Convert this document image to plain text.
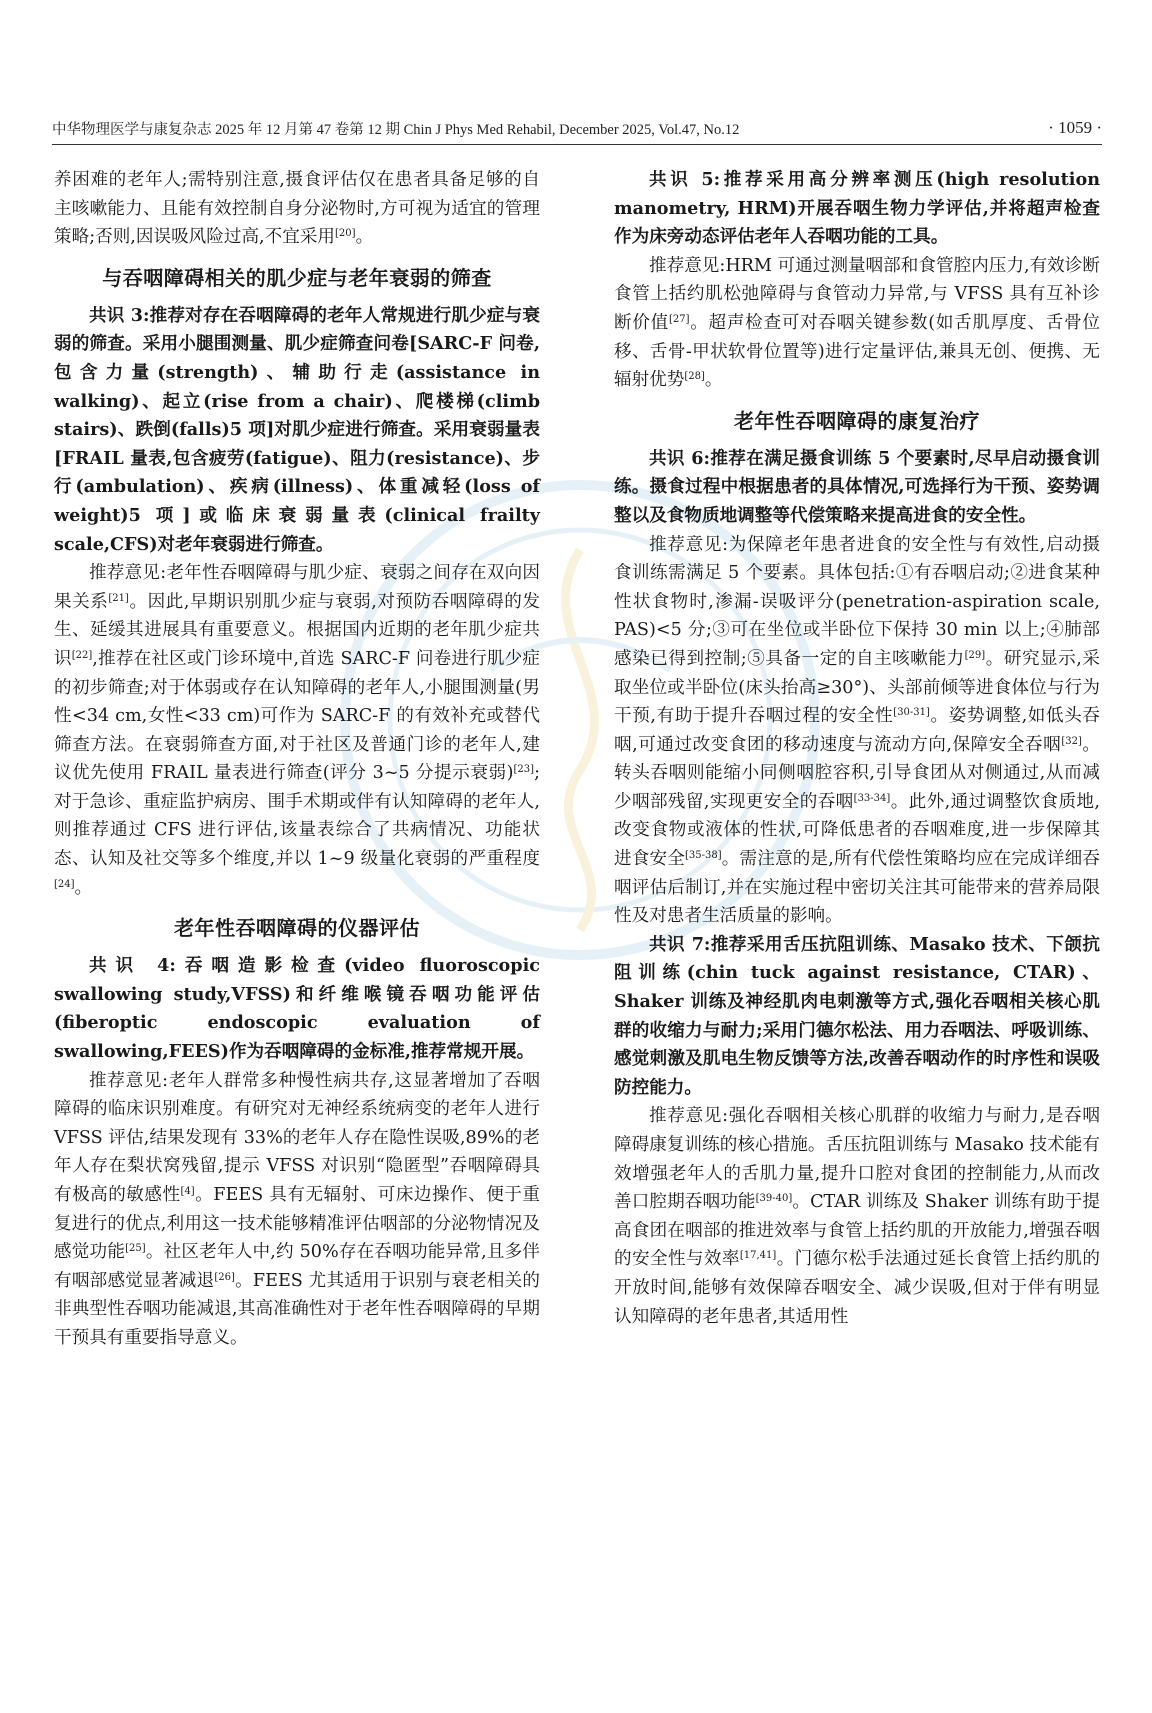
中华物理医学与康复杂志 2025 年 12 月第 47 卷第 12 期 Chin J Phys Med Rehabil, December 2025, Vol.47, No.12	· 1059 ·

养困难的老年人;需特别注意,摄食评估仅在患者具备足够的自主咳嗽能力、且能有效控制自身分泌物时,方可视为适宜的管理策略;否则,因误吸风险过高,不宜采用[20]。

与吞咽障碍相关的肌少症与老年衰弱的筛查

共识 3:推荐对存在吞咽障碍的老年人常规进行肌少症与衰弱的筛查。采用小腿围测量、肌少症筛查问卷[SARC-F 问卷,包含力量(strength)、辅助行走(assistance in walking)、起立(rise from a chair)、爬楼梯(climb stairs)、跌倒(falls)5 项]对肌少症进行筛查。采用衰弱量表[FRAIL 量表,包含疲劳(fatigue)、阻力(resistance)、步行(ambulation)、疾病(illness)、体重减轻(loss of weight)5 项]或临床衰弱量表(clinical frailty scale,CFS)对老年衰弱进行筛查。

推荐意见:老年性吞咽障碍与肌少症、衰弱之间存在双向因果关系[21]。因此,早期识别肌少症与衰弱,对预防吞咽障碍的发生、延缓其进展具有重要意义。根据国内近期的老年肌少症共识[22],推荐在社区或门诊环境中,首选 SARC-F 问卷进行肌少症的初步筛查;对于体弱或存在认知障碍的老年人,小腿围测量(男性<34 cm,女性<33 cm)可作为 SARC-F 的有效补充或替代筛查方法。在衰弱筛查方面,对于社区及普通门诊的老年人,建议优先使用 FRAIL 量表进行筛查(评分 3~5 分提示衰弱)[23];对于急诊、重症监护病房、围手术期或伴有认知障碍的老年人,则推荐通过 CFS 进行评估,该量表综合了共病情况、功能状态、认知及社交等多个维度,并以 1~9 级量化衰弱的严重程度[24]。

老年性吞咽障碍的仪器评估

共识 4:吞咽造影检查(video fluoroscopic swallowing study,VFSS)和纤维喉镜吞咽功能评估(fiberoptic endoscopic evaluation of swallowing,FEES)作为吞咽障碍的金标准,推荐常规开展。

推荐意见:老年人群常多种慢性病共存,这显著增加了吞咽障碍的临床识别难度。有研究对无神经系统病变的老年人进行 VFSS 评估,结果发现有 33%的老年人存在隐性误吸,89%的老年人存在梨状窝残留,提示 VFSS 对识别“隐匿型”吞咽障碍具有极高的敏感性[4]。FEES 具有无辐射、可床边操作、便于重复进行的优点,利用这一技术能够精准评估咽部的分泌物情况及感觉功能[25]。社区老年人中,约 50%存在吞咽功能异常,且多伴有咽部感觉显著减退[26]。FEES 尤其适用于识别与衰老相关的非典型性吞咽功能减退,其高准确性对于老年性吞咽障碍的早期干预具有重要指导意义。

共识 5:推荐采用高分辨率测压(high resolution manometry, HRM)开展吞咽生物力学评估,并将超声检查作为床旁动态评估老年人吞咽功能的工具。

推荐意见:HRM 可通过测量咽部和食管腔内压力,有效诊断食管上括约肌松弛障碍与食管动力异常,与 VFSS 具有互补诊断价值[27]。超声检查可对吞咽关键参数(如舌肌厚度、舌骨位移、舌骨-甲状软骨位置等)进行定量评估,兼具无创、便携、无辐射优势[28]。

老年性吞咽障碍的康复治疗

共识 6:推荐在满足摄食训练 5 个要素时,尽早启动摄食训练。摄食过程中根据患者的具体情况,可选择行为干预、姿势调整以及食物质地调整等代偿策略来提高进食的安全性。

推荐意见:为保障老年患者进食的安全性与有效性,启动摄食训练需满足 5 个要素。具体包括:①有吞咽启动;②进食某种性状食物时,渗漏-误吸评分(penetration-aspiration scale, PAS)<5 分;③可在坐位或半卧位下保持 30 min 以上;④肺部感染已得到控制;⑤具备一定的自主咳嗽能力[29]。研究显示,采取坐位或半卧位(床头抬高≥30°)、头部前倾等进食体位与行为干预,有助于提升吞咽过程的安全性[30-31]。姿势调整,如低头吞咽,可通过改变食团的移动速度与流动方向,保障安全吞咽[32]。转头吞咽则能缩小同侧咽腔容积,引导食团从对侧通过,从而减少咽部残留,实现更安全的吞咽[33-34]。此外,通过调整饮食质地,改变食物或液体的性状,可降低患者的吞咽难度,进一步保障其进食安全[35-38]。需注意的是,所有代偿性策略均应在完成详细吞咽评估后制订,并在实施过程中密切关注其可能带来的营养局限性及对患者生活质量的影响。

共识 7:推荐采用舌压抗阻训练、Masako 技术、下颌抗阻训练(chin tuck against resistance, CTAR)、Shaker 训练及神经肌肉电刺激等方式,强化吞咽相关核心肌群的收缩力与耐力;采用门德尔松法、用力吞咽法、呼吸训练、感觉刺激及肌电生物反馈等方法,改善吞咽动作的时序性和误吸防控能力。

推荐意见:强化吞咽相关核心肌群的收缩力与耐力,是吞咽障碍康复训练的核心措施。舌压抗阻训练与 Masako 技术能有效增强老年人的舌肌力量,提升口腔对食团的控制能力,从而改善口腔期吞咽功能[39-40]。CTAR 训练及 Shaker 训练有助于提高食团在咽部的推进效率与食管上括约肌的开放能力,增强吞咽的安全性与效率[17,41]。门德尔松手法通过延长食管上括约肌的开放时间,能够有效保障吞咽安全、减少误吸,但对于伴有明显认知障碍的老年患者,其适用性
